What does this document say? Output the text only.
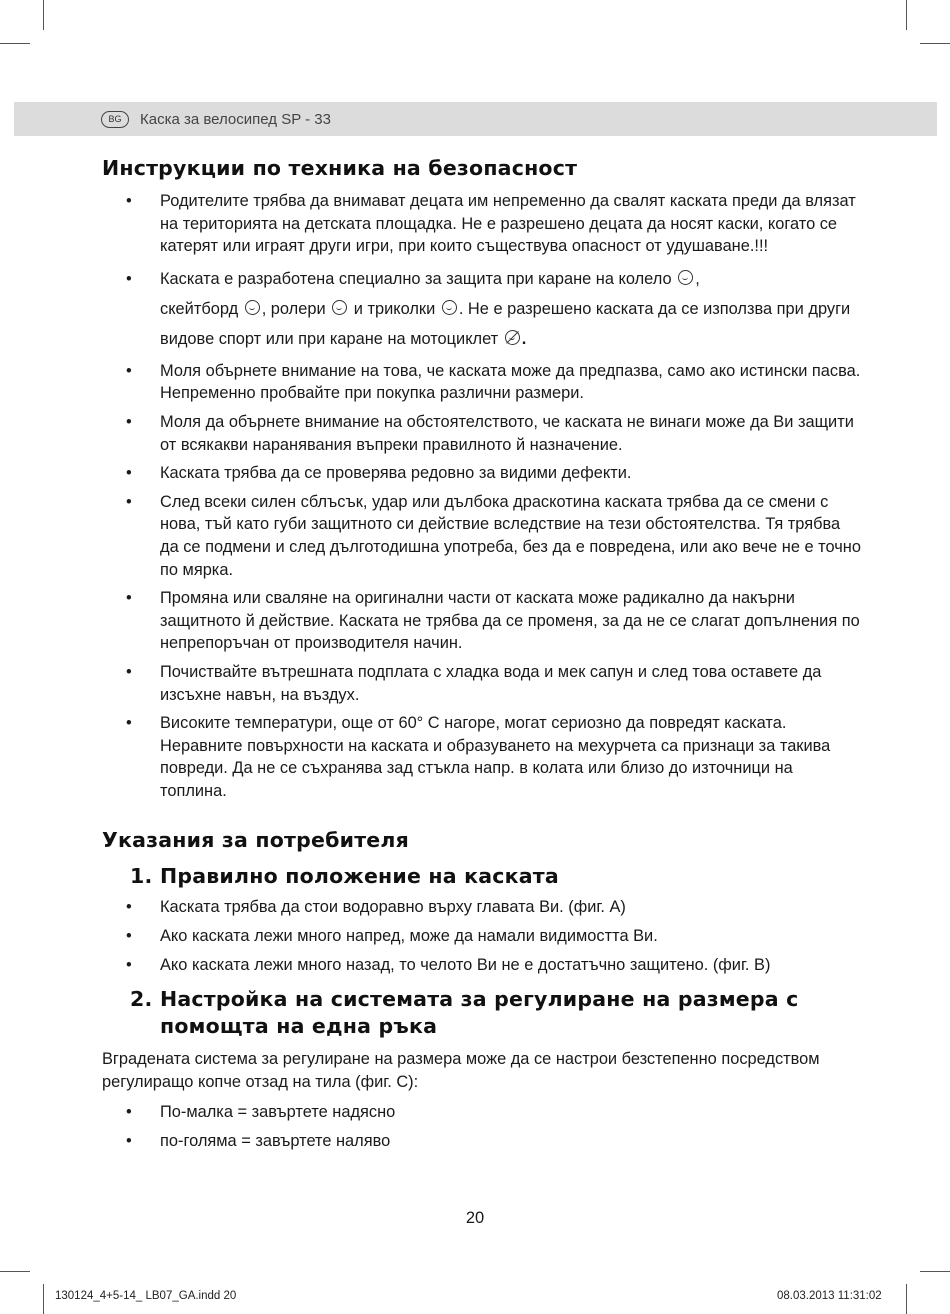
BG	Каска за велосипед SP - 33
Инструкции по техника на безопасност
• Родителите трябва да внимават децата им непременно да свалят каската преди да влязат на територията на детската площадка. Не е разрешено децата да носят каски, когато се катерят или играят други игри, при които съществува опасност от удушаване.!!!
• Каската е разработена специално за защита при каране на колело ,
скейтборд , ролери и триколки . Не е разрешено каската да се използва при други видове спорт или при каране на мотоциклет .
• Моля обърнете внимание на това, че каската може да предпазва, само ако истински пасва. Непременно пробвайте при покупка различни размери.
• Моля да обърнете внимание на обстоятелството, че каската не винаги може да Ви защити от всякакви наранявания въпреки правилното й назначение.
• Каската трябва да се проверява редовно за видими дефекти.
• След всеки силен сблъсък, удар или дълбока драскотина каската трябва да се смени с нова, тъй като губи защитното си действие вследствие на тези обстоятелства. Тя трябва да се подмени и след дълготодишна употреба, без да е повредена, или ако вече не е точно по мярка.
• Промяна или сваляне на оригинални части от каската може радикално да накърни защитното й действие. Каската не трябва да се променя, за да не се слагат допълнения по непрепоръчан от производителя начин.
• Почиствайте вътрешната подплата с хладка вода и мек сапун и след това оставете да изсъхне навън, на въздух.
• Високите температури, още от 60° С нагоре, могат сериозно да повредят каската. Неравните повърхности на каската и образуването на мехурчета са признаци за такива повреди. Да не се съхранява зад стъкла напр. в колата или близо до източници на топлина.
Указания за потребителя
1. Правилно положение на каската
• Каската трябва да стои водоравно върху главата Ви. (фиг. A)
• Ако каската лежи много напред, може да намали видимостта Ви.
• Ако каската лежи много назад, то челото Ви не е достатъчно защитено. (фиг. B)
2. Настройка на системата за регулиране на размера с помощта на една ръка

Вградената система за регулиране на размера може да се настрои безстепенно посредством регулиращо копче отзад на тила (фиг. C):

• По-малка = завъртете надясно
• по-голяма = завъртете наляво
20
130124_4+5-14_ LB07_GA.indd 20	08.03.2013 11:31:02
